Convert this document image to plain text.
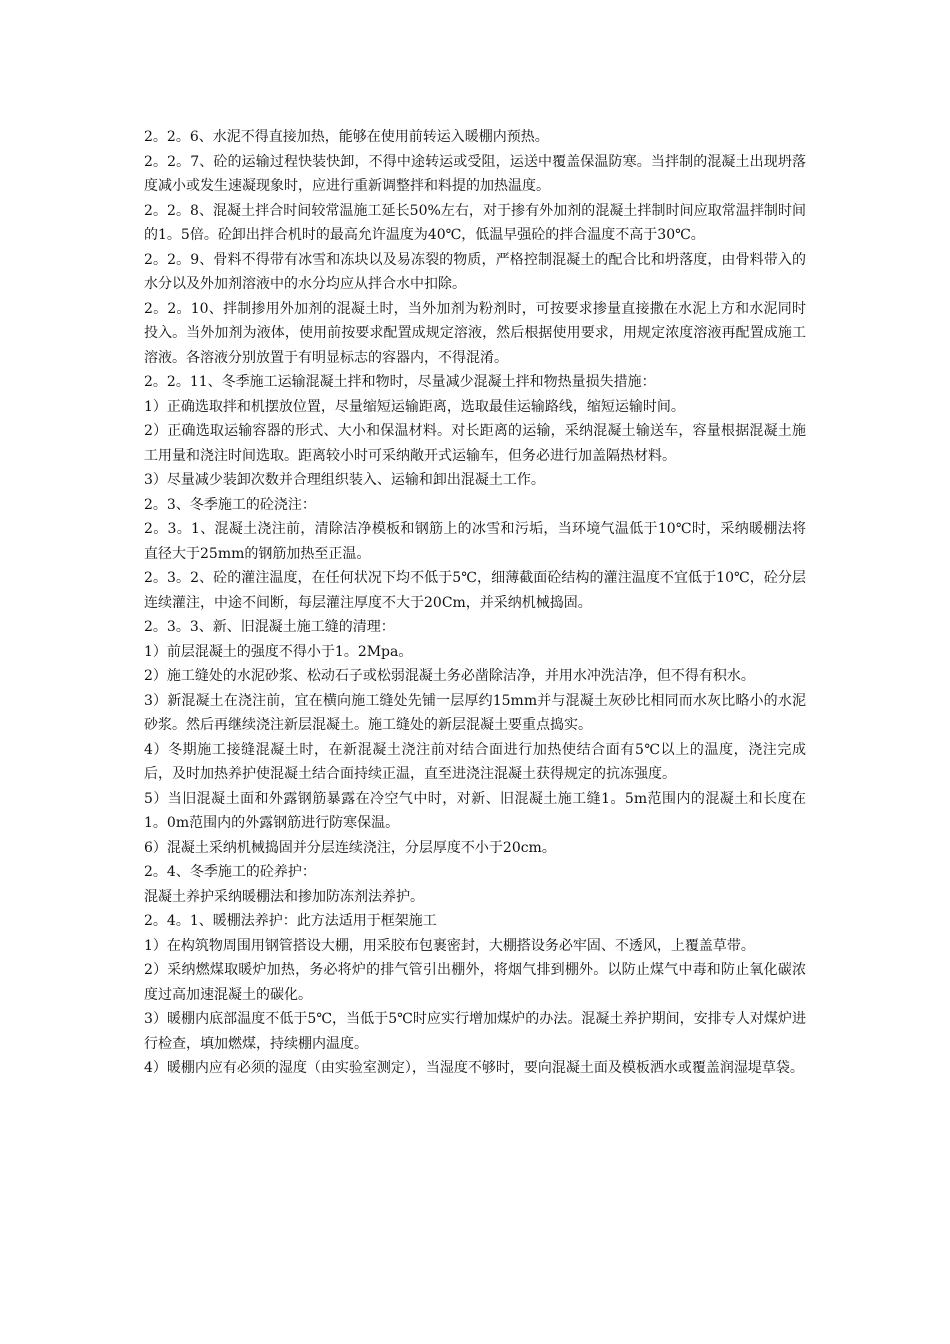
2。2。6、水泥不得直接加热，能够在使用前转运入暖棚内预热。

2。2。7、砼的运输过程快装快卸，不得中途转运或受阻，运送中覆盖保温防寒。当拌制的混凝土出现坍落度减小或发生速凝现象时，应进行重新调整拌和料提的加热温度。

2。2。8、混凝土拌合时间较常温施工延长50%左右，对于掺有外加剂的混凝土拌制时间应取常温拌制时间的1。5倍。砼卸出拌合机时的最高允许温度为40℃，低温早强砼的拌合温度不高于30℃。

2。2。9、骨料不得带有冰雪和冻块以及易冻裂的物质，严格控制混凝土的配合比和坍落度，由骨料带入的水分以及外加剂溶液中的水分均应从拌合水中扣除。

2。2。10、拌制掺用外加剂的混凝土时，当外加剂为粉剂时，可按要求掺量直接撒在水泥上方和水泥同时投入。当外加剂为液体，使用前按要求配置成规定溶液，然后根据使用要求，用规定浓度溶液再配置成施工溶液。各溶液分别放置于有明显标志的容器内，不得混淆。

2。2。11、冬季施工运输混凝土拌和物时，尽量减少混凝土拌和物热量损失措施：

1）正确选取拌和机摆放位置，尽量缩短运输距离，选取最佳运输路线，缩短运输时间。

2）正确选取运输容器的形式、大小和保温材料。对长距离的运输，采纳混凝土输送车，容量根据混凝土施工用量和浇注时间选取。距离较小时可采纳敞开式运输车，但务必进行加盖隔热材料。

3）尽量减少装卸次数并合理组织装入、运输和卸出混凝土工作。

2。3、冬季施工的砼浇注：

2。3。1、混凝土浇注前，清除洁净模板和钢筋上的冰雪和污垢，当环境气温低于10℃时，采纳暖棚法将直径大于25mm的钢筋加热至正温。

2。3。2、砼的灌注温度，在任何状况下均不低于5℃，细薄截面砼结构的灌注温度不宜低于10℃，砼分层连续灌注，中途不间断，每层灌注厚度不大于20Cm，并采纳机械捣固。

2。3。3、新、旧混凝土施工缝的清理：

1）前层混凝土的强度不得小于1。2Mpa。

2）施工缝处的水泥砂浆、松动石子或松弱混凝土务必凿除洁净，并用水冲洗洁净，但不得有积水。

3）新混凝土在浇注前，宜在横向施工缝处先铺一层厚约15mm并与混凝土灰砂比相同而水灰比略小的水泥砂浆。然后再继续浇注新层混凝土。施工缝处的新层混凝土要重点捣实。

4）冬期施工接缝混凝土时，在新混凝土浇注前对结合面进行加热使结合面有5℃以上的温度，浇注完成后，及时加热养护使混凝土结合面持续正温，直至进浇注混凝土获得规定的抗冻强度。

5）当旧混凝土面和外露钢筋暴露在冷空气中时，对新、旧混凝土施工缝1。5m范围内的混凝土和长度在1。0m范围内的外露钢筋进行防寒保温。

6）混凝土采纳机械捣固并分层连续浇注，分层厚度不小于20cm。

2。4、冬季施工的砼养护：

混凝土养护采纳暖棚法和掺加防冻剂法养护。

2。4。1、暖棚法养护：此方法适用于框架施工

1）在构筑物周围用钢管搭设大棚，用采胶布包裹密封，大棚搭设务必牢固、不透风，上覆盖草带。

2）采纳燃煤取暖炉加热，务必将炉的排气管引出棚外，将烟气排到棚外。以防止煤气中毒和防止氧化碳浓度过高加速混凝土的碳化。

3）暖棚内底部温度不低于5℃，当低于5℃时应实行增加煤炉的办法。混凝土养护期间，安排专人对煤炉进行检查，填加燃煤，持续棚内温度。

4）暖棚内应有必须的湿度（由实验室测定），当湿度不够时，要向混凝土面及模板洒水或覆盖润湿堤草袋。
